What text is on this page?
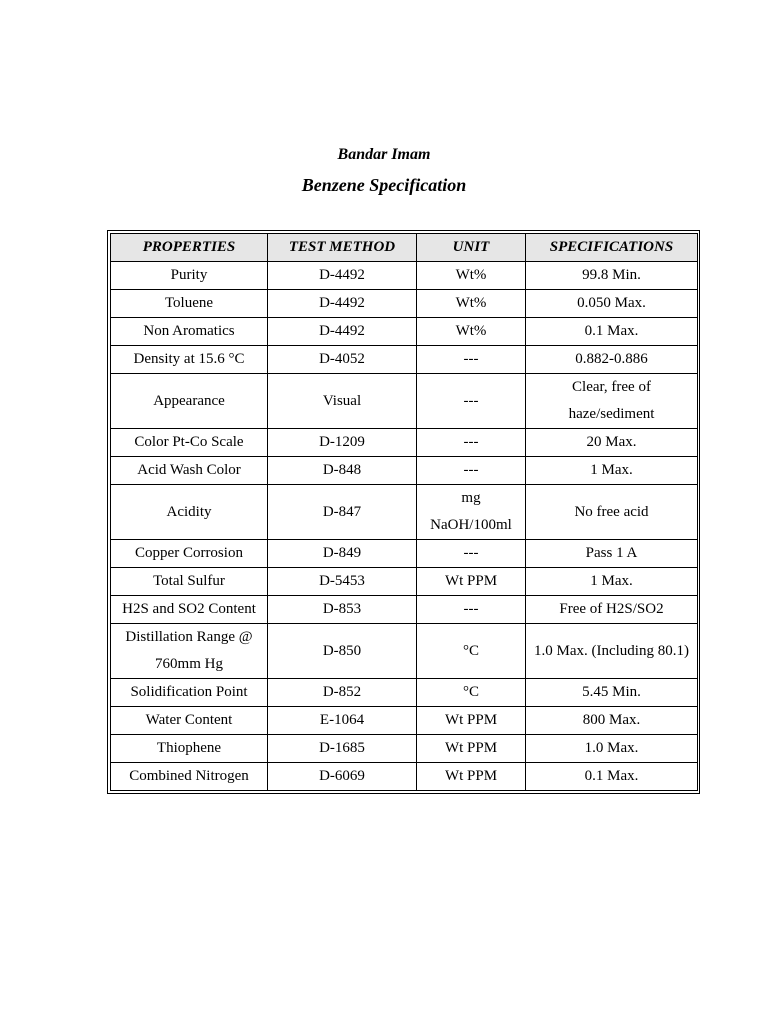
Bandar Imam
Benzene Specification
PROPERTIES	TEST METHOD	UNIT	SPECIFICATIONS
Purity	D-4492	Wt%	99.8 Min.
Toluene	D-4492	Wt%	0.050 Max.
Non Aromatics	D-4492	Wt%	0.1 Max.
Density at 15.6 °C	D-4052	---	0.882-0.886
Appearance	Visual	---	Clear, free of haze/sediment
Color Pt-Co Scale	D-1209	---	20 Max.
Acid Wash Color	D-848	---	1 Max.
Acidity	D-847	mg NaOH/100ml	No free acid
Copper Corrosion	D-849	---	Pass 1 A
Total Sulfur	D-5453	Wt PPM	1 Max.
H2S and SO2 Content	D-853	---	Free of H2S/SO2
Distillation Range @ 760mm Hg	D-850	°C	1.0 Max. (Including 80.1)
Solidification Point	D-852	°C	5.45 Min.
Water Content	E-1064	Wt PPM	800 Max.
Thiophene	D-1685	Wt PPM	1.0 Max.
Combined Nitrogen	D-6069	Wt PPM	0.1 Max.
